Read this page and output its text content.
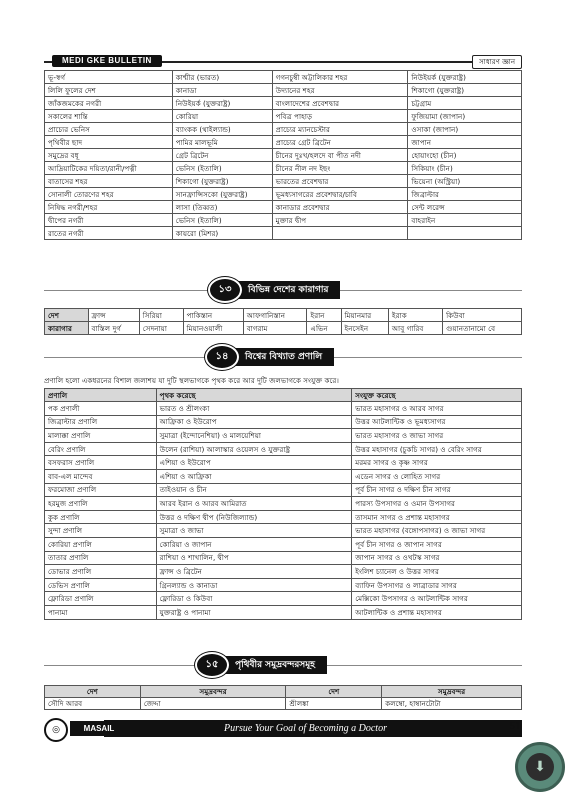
MEDI GKE BULLETIN	সাধারণ জ্ঞান
ভূ-স্বর্গ	কাশ্মীর (ভারত)	গগনচুম্বী অট্টালিকার শহর	নিউইয়র্ক (যুক্তরাষ্ট্র)
লিলি ফুলের দেশ	কানাডা	উদ্যানের শহর	শিকাগো (যুক্তরাষ্ট্র)
জাঁকজমকের নগরী	নিউইয়র্ক (যুক্তরাষ্ট্র)	বাংলাদেশের প্রবেশদ্বার	চট্টগ্রাম
সকালের শান্তি	কোরিয়া	পবিত্র পাহাড়	ফুজিয়ামা (জাপান)
প্রাচ্যের ভেনিস	ব্যাংকক (থাইল্যান্ড)	প্রাচ্যের ম্যানচেস্টার	ওসাকা (জাপান)
পৃথিবীর ছাদ	পামির মালভূমি	প্রাচ্যের গ্রেট ব্রিটেন	জাপান
সমুদ্রের বধূ	গ্রেট ব্রিটেন	চীনের দুঃখ/হলদে বা পীত নদী	হোয়াংহো (চীন)
আদ্রিয়াটিকের দয়িতা/রানী/পত্নী	ভেনিস (ইতালি)	চীনের নীল নদ ইছং	সিকিয়াং (চীন)
বাতাসের শহর	শিকাগো (যুক্তরাষ্ট্র)	ভারতের প্রবেশদ্বার	ভিয়েনা (অস্ট্রিয়া)
সোনালী তোরণের শহর	সানফ্রান্সিসকো (যুক্তরাষ্ট্র)	ভূমধ্যসাগরের প্রবেশদ্বার/চাবি	জিব্রাল্টার
নিষিদ্ধ নগরী/শহর	লাসা (তিব্বত)	কানাডার প্রবেশদ্বার	সেন্ট লরেন্স
দ্বীপের নগরী	ভেনিস (ইতালি)	মুক্তার দ্বীপ	বাহরাইন
রাতের নগরী	কায়রো (মিশর)		
১৩	বিভিন্ন দেশের কারাগার
দেশ	ফ্রান্স	সিরিয়া	পাকিস্তান	আফগানিস্তান	ইরান	মিয়ানমার	ইরাক	কিউবা
কারাগার	বাস্তিল দুর্গ	সেদনায়া	মিয়ানওয়ালী	বাগরাম	এভিন	ইনসেইন	আবু গারিব	গুয়ানতানামো বে
১৪	বিশ্বের বিখ্যাত প্রণালি
প্রণালি হলো একধরনের বিশাল জলাশয় যা দুটি স্থলভাগকে পৃথক করে আর দুটি জলভাগকে সংযুক্ত করে।
প্রণালি	পৃথক করেছে	সংযুক্ত করেছে
পক প্রণালী	ভারত ও শ্রীলংকা	ভারত মহাসাগর ও আরব সাগর
জিব্রাল্টার প্রণালি	আফ্রিকা ও ইউরোপ	উত্তর আটলান্টিক ও ভূমধ্যসাগর
মালাক্কা প্রণালি	সুমাত্রা (ইন্দোনেশিয়া) ও মালয়েশিয়া	ভারত মহাসাগর ও জাভা সাগর
বেরিং প্রণালি	উলেন (রাশিয়া) আলাস্কার ওয়েলস ও যুক্তরাষ্ট্র	উত্তর মহাসাগর (চুকচি সাগর) ও বেরিং সাগর
বসফরাস প্রণালি	এশিয়া ও ইউরোপ	মরমর সাগর ও কৃষ্ণ সাগর
বাব-এল মান্দেব	এশিয়া ও আফ্রিকা	এডেন সাগর ও লোহিত সাগর
ফরমোজা প্রণালি	তাইওয়ান ও চীন	পূর্ব চীন সাগর ও দক্ষিণ চীন সাগর
হরমুজ প্রণালি	আরব ইরান ও আরব আমিরাত	পারস্য উপসাগর ও ওমান উপসাগর
কুক প্রণালি	উত্তর ও দক্ষিণ দ্বীপ (নিউজিল্যান্ড)	তাসমান সাগর ও প্রশান্ত মহাসাগর
সুন্দা প্রণালি	সুমাত্রা ও জাভা	ভারত মহাসাগর (বঙ্গোপসাগর) ও জাভা সাগর
কোরিয়া প্রণালি	কোরিয়া ও জাপান	পূর্ব চীন সাগর ও জাপান সাগর
তাতার প্রণালি	রাশিয়া ও শাখালিন, দ্বীপ	জাপান সাগর ও ওখটস্ক সাগর
ডোভার প্রণালি	ফ্রান্স ও ব্রিটেন	ইংলিশ চ্যানেল ও উত্তর সাগর
ডেভিস প্রণালি	গ্রিনল্যান্ড ও কানাডা	ব্যাফিন উপসাগর ও লাব্রাডার সাগর
ফ্লোরিডা প্রণালি	ফ্লোরিডা ও কিউবা	মেক্সিকো উপসাগর ও আটলান্টিক সাগর
পানামা	যুক্তরাষ্ট্র ও পানামা	আটলান্টিক ও প্রশান্ত মহাসাগর
১৫	পৃথিবীর সমুদ্রবন্দরসমূহ
দেশ	সমুদ্রবন্দর	দেশ	সমুদ্রবন্দর
সৌদি আরব	জেদ্দা	শ্রীলঙ্কা	কলম্বো, হাম্বানটোটা
◎	MASAIL	Pursue Your Goal of Becoming a Doctor	51
⬇
